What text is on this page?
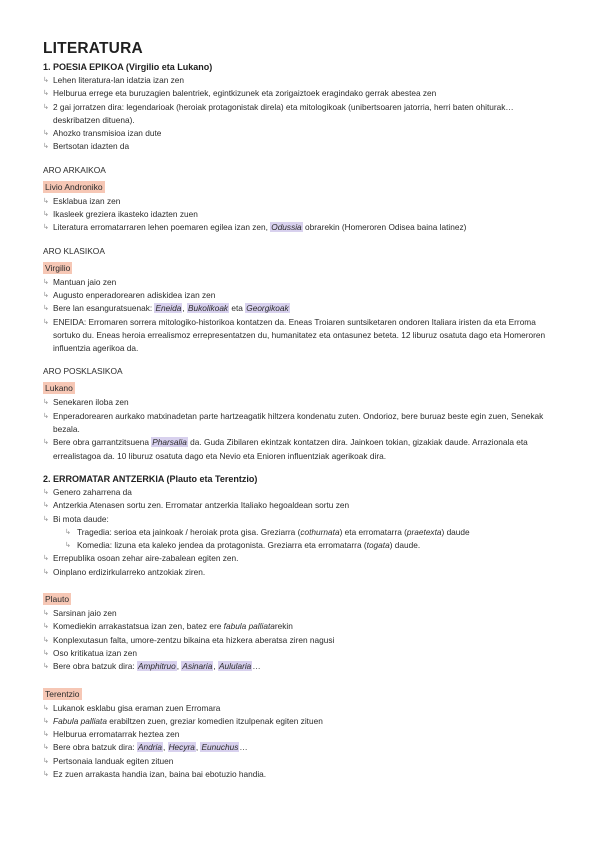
LITERATURA
1. POESIA EPIKOA (Virgilio eta Lukano)
↳ Lehen literatura-lan idatzia izan zen
↳ Helburua errege eta buruzagien balentriek, egintkizunek eta zorigaiztoek eragindako gerrak abestea zen
↳ 2 gai jorratzen dira: legendarioak (heroiak protagonistak direla) eta mitologikoak (unibertsoaren jatorria, herri baten ohiturak… deskribatzen dituena).
↳ Ahozko transmisioa izan dute
↳ Bertsotan idazten da
ARO ARKAIKOA
Livio Androniko
↳ Esklabua izan zen
↳ Ikasleek greziera ikasteko idazten zuen
↳ Literatura erromatarraren lehen poemaren egilea izan zen, Odussia obrarekin (Homeroren Odisea baina latinez)
ARO KLASIKOA
Virgilio
↳ Mantuan jaio zen
↳ Augusto enperadorearen adiskidea izan zen
↳ Bere lan esanguratsuenak: Eneida, Bukolikoak eta Georgikoak
↳ ENEIDA: Erromaren sorrera mitologiko-historikoa kontatzen da. Eneas Troiaren suntsiketaren ondoren Italiara iristen da eta Erroma sortuko du. Eneas heroia errealismoz errepresentatzen du, humanitatez eta ontasunez beteta. 12 liburuz osatuta dago eta Homeroren influentzia agerikoa da.
ARO POSKLASIKOA
Lukano
↳ Senekaren iloba zen
↳ Enperadorearen aurkako matxinadetan parte hartzeagatik hiltzera kondenatu zuten. Ondorioz, bere buruaz beste egin zuen, Senekak bezala.
↳ Bere obra garrantzitsuena Pharsalia da. Guda Zibilaren ekintzak kontatzen dira. Jainkoen tokian, gizakiak daude. Arrazionala eta errealistagoa da. 10 liburuz osatuta dago eta Nevio eta Enioren influentziak agerikoak dira.
2. ERROMATAR ANTZERKIA (Plauto eta Terentzio)
↳ Genero zaharrena da
↳ Antzerkia Atenasen sortu zen. Erromatar antzerkia Italiako hegoaldean sortu zen
↳ Bi mota daude:
↳ Tragedia: serioa eta jainkoak / heroiak prota gisa. Greziarra (cothurnata) eta erromatarra (praetexta) daude
↳ Komedia: lizuna eta kaleko jendea da protagonista. Greziarra eta erromatarra (togata) daude.
↳ Errepublika osoan zehar aire-zabalean egiten zen.
↳ Oinplano erdizirkularreko antzokiak ziren.
Plauto
↳ Sarsinan jaio zen
↳ Komediekin arrakastatsua izan zen, batez ere fabula palliatarekin
↳ Konplexutasun falta, umore-zentzu bikaina eta hizkera aberatsa ziren nagusi
↳ Oso kritikatua izan zen
↳ Bere obra batzuk dira: Amphitruo, Asinaria, Aulularia…
Terentzio
↳ Lukanok esklabu gisa eraman zuen Erromara
↳ Fabula palliata erabiltzen zuen, greziar komedien itzulpenak egiten zituen
↳ Helburua erromatarrak heztea zen
↳ Bere obra batzuk dira: Andria, Hecyra, Eunuchus…
↳ Pertsonaia landuak egiten zituen
↳ Ez zuen arrakasta handia izan, baina bai ebotuzio handia.
